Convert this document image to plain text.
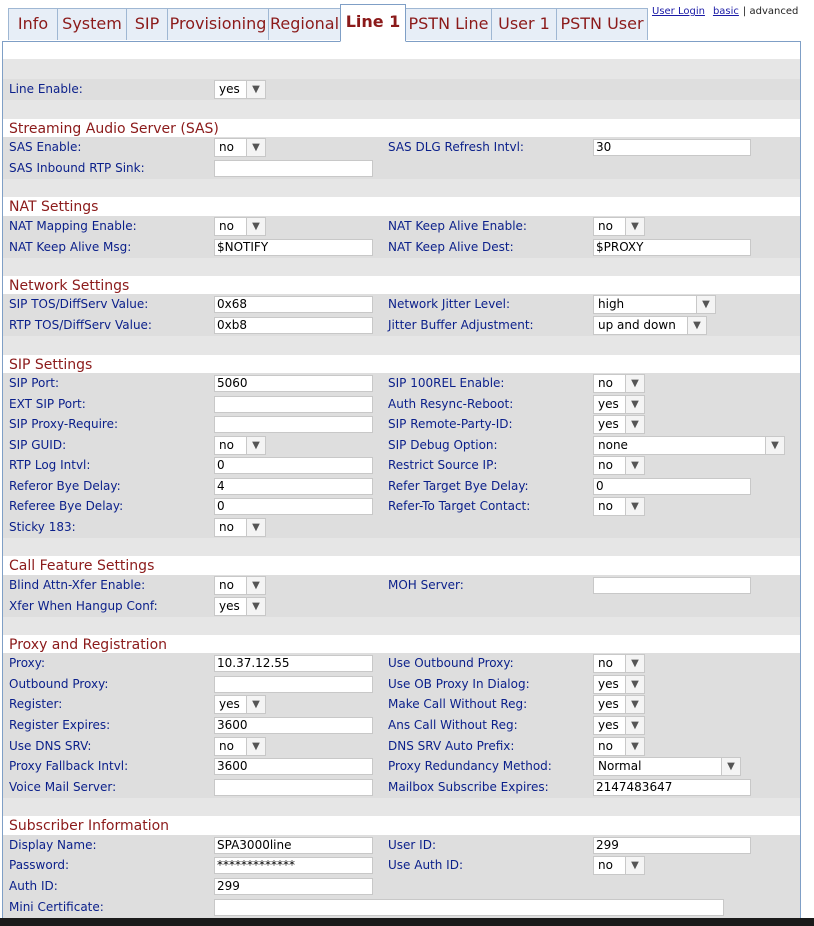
Info System SIP Provisioning Regional Line 1 PSTN Line User 1 PSTN User
User Login basic | advanced
Line Enable:	yes	▼
Streaming Audio Server (SAS)
SAS Enable:	no	▼	SAS DLG Refresh Intvl:	30
SAS Inbound RTP Sink:
NAT Settings
NAT Mapping Enable:	no	▼	NAT Keep Alive Enable:	no	▼
NAT Keep Alive Msg:	$NOTIFY	NAT Keep Alive Dest:	$PROXY
Network Settings
SIP TOS/DiffServ Value:	0x68	Network Jitter Level:	high	▼
RTP TOS/DiffServ Value:	0xb8	Jitter Buffer Adjustment:	up and down	▼
SIP Settings
SIP Port:	5060	SIP 100REL Enable:	no	▼
EXT SIP Port:	Auth Resync-Reboot:	yes	▼
SIP Proxy-Require:	SIP Remote-Party-ID:	yes	▼
SIP GUID:	no	▼	SIP Debug Option:	none	▼
RTP Log Intvl:	0	Restrict Source IP:	no	▼
Referor Bye Delay:	4	Refer Target Bye Delay:	0
Referee Bye Delay:	0	Refer-To Target Contact:	no	▼
Sticky 183:	no	▼
Call Feature Settings
Blind Attn-Xfer Enable:	no	▼	MOH Server:
Xfer When Hangup Conf:	yes	▼
Proxy and Registration
Proxy:	10.37.12.55	Use Outbound Proxy:	no	▼
Outbound Proxy:	Use OB Proxy In Dialog:	yes	▼
Register:	yes	▼	Make Call Without Reg:	yes	▼
Register Expires:	3600	Ans Call Without Reg:	yes	▼
Use DNS SRV:	no	▼	DNS SRV Auto Prefix:	no	▼
Proxy Fallback Intvl:	3600	Proxy Redundancy Method:	Normal	▼
Voice Mail Server:	Mailbox Subscribe Expires:	2147483647
Subscriber Information
Display Name:	SPA3000line	User ID:	299
Password:	*************	Use Auth ID:	no	▼
Auth ID:	299
Mini Certificate:
